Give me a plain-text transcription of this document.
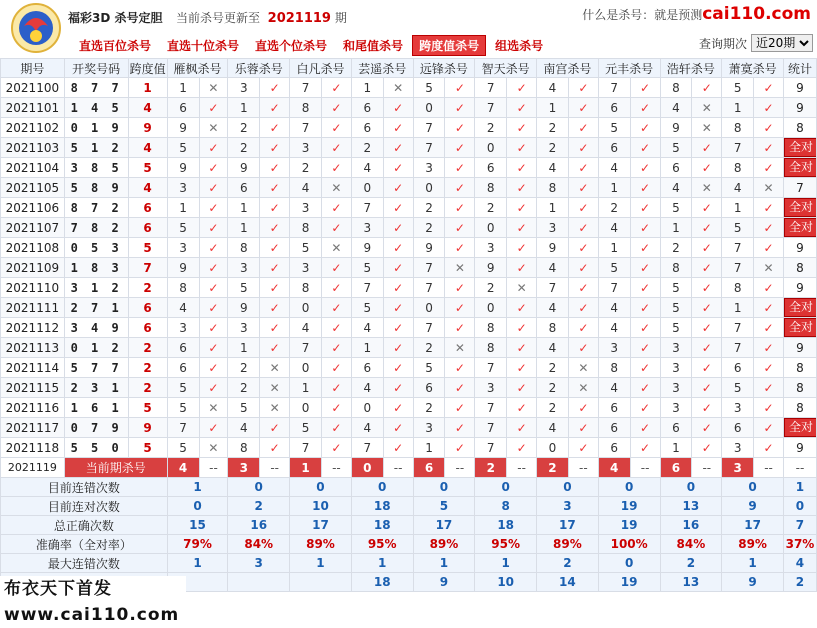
福彩3D 杀号定胆 当前杀号更新至 2021119 期	什么是杀号：就是预测cai110.com
直选百位杀号	直选十位杀号	直选个位杀号	和尾值杀号	跨度值杀号	组选杀号	查询期次
近20期
期号	开奖号码	跨度值	雁枫杀号		乐蓉杀号		白凡杀号		芸遥杀号		远锋杀号		智天杀号		南宫杀号		元丰杀号		浩轩杀号		萧寞杀号		统计
2021100	8 7 7	1	1	✕	3	✓	7	✓	1	✕	5	✓	7	✓	4	✓	7	✓	8	✓	5	✓	9
2021101	1 4 5	4	6	✓	1	✓	8	✓	6	✓	0	✓	7	✓	1	✓	6	✓	4	✕	1	✓	9
2021102	0 1 9	9	9	✕	2	✓	7	✓	6	✓	7	✓	2	✓	2	✓	5	✓	9	✕	8	✓	8
2021103	5 1 2	4	5	✓	2	✓	3	✓	2	✓	7	✓	0	✓	2	✓	6	✓	5	✓	7	✓	全对
2021104	3 8 5	5	9	✓	9	✓	2	✓	4	✓	3	✓	6	✓	4	✓	4	✓	6	✓	8	✓	全对
2021105	5 8 9	4	3	✓	6	✓	4	✕	0	✓	0	✓	8	✓	8	✓	1	✓	4	✕	4	✕	7
2021106	8 7 2	6	1	✓	1	✓	3	✓	7	✓	2	✓	2	✓	1	✓	2	✓	5	✓	1	✓	全对
2021107	7 8 2	6	5	✓	1	✓	8	✓	3	✓	2	✓	0	✓	3	✓	4	✓	1	✓	5	✓	全对
2021108	0 5 3	5	3	✓	8	✓	5	✕	9	✓	9	✓	3	✓	9	✓	1	✓	2	✓	7	✓	9
2021109	1 8 3	7	9	✓	3	✓	3	✓	5	✓	7	✕	9	✓	4	✓	5	✓	8	✓	7	✕	8
2021110	3 1 2	2	8	✓	5	✓	8	✓	7	✓	7	✓	2	✕	7	✓	7	✓	5	✓	8	✓	9
2021111	2 7 1	6	4	✓	9	✓	0	✓	5	✓	0	✓	0	✓	4	✓	4	✓	5	✓	1	✓	全对
2021112	3 4 9	6	3	✓	3	✓	4	✓	4	✓	7	✓	8	✓	8	✓	4	✓	5	✓	7	✓	全对
2021113	0 1 2	2	6	✓	1	✓	7	✓	1	✓	2	✕	8	✓	4	✓	3	✓	3	✓	7	✓	9
2021114	5 7 7	2	6	✓	2	✕	0	✓	6	✓	5	✓	7	✓	2	✕	8	✓	3	✓	6	✓	8
2021115	2 3 1	2	5	✓	2	✕	1	✓	4	✓	6	✓	3	✓	2	✕	4	✓	3	✓	5	✓	8
2021116	1 6 1	5	5	✕	5	✕	0	✓	0	✓	2	✓	7	✓	2	✓	6	✓	3	✓	3	✓	8
2021117	0 7 9	9	7	✓	4	✓	5	✓	4	✓	3	✓	7	✓	4	✓	6	✓	6	✓	6	✓	全对
2021118	5 5 0	5	5	✕	8	✓	7	✓	7	✓	1	✓	7	✓	0	✓	6	✓	1	✓	3	✓	9
2021119	当前期杀号		4	--	3	--	1	--	0	--	6	--	2	--	2	--	4	--	6	--	3	--	--
目前连错次数			1		0		0		0		0		0		0		0		0		0		1
目前连对次数			0		2		10		18		5		8		3		19		13		9		0
总正确次数			15		16		17		18		17		18		17		19		16		17		7
准确率（全对率）			79%		84%		89%		95%		89%		95%		89%		100%		84%		89%		37%
最大连错次数			1		3		1		1		1		1		2		0		2		1		4
				18		9		10		14		19		13		9		2
布衣天下首发 www.cai110.com
